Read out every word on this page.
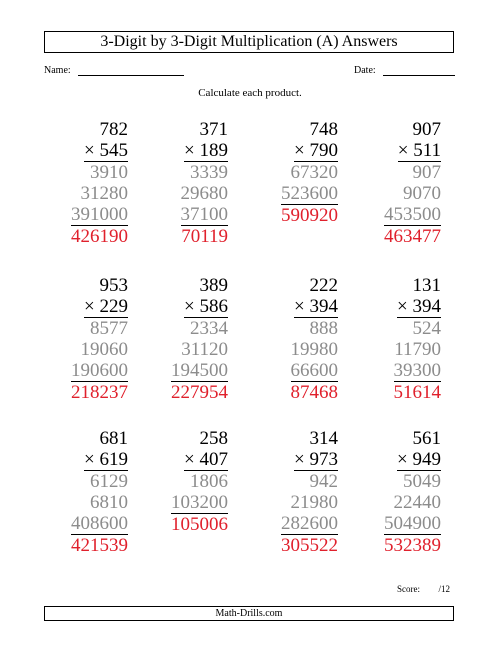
3-Digit by 3-Digit Multiplication (A) Answers
Name:	Date:
Calculate each product.
782
× 545
3910
31280
391000
426190
371
× 189
3339
29680
37100
70119
748
× 790
67320
523600
590920
907
× 511
907
9070
453500
463477
953
× 229
8577
19060
190600
218237
389
× 586
2334
31120
194500
227954
222
× 394
888
19980
66600
87468
131
× 394
524
11790
39300
51614
681
× 619
6129
6810
408600
421539
258
× 407
1806
103200
105006
314
× 973
942
21980
282600
305522
561
× 949
5049
22440
504900
532389
Score: /12
Math-Drills.com
